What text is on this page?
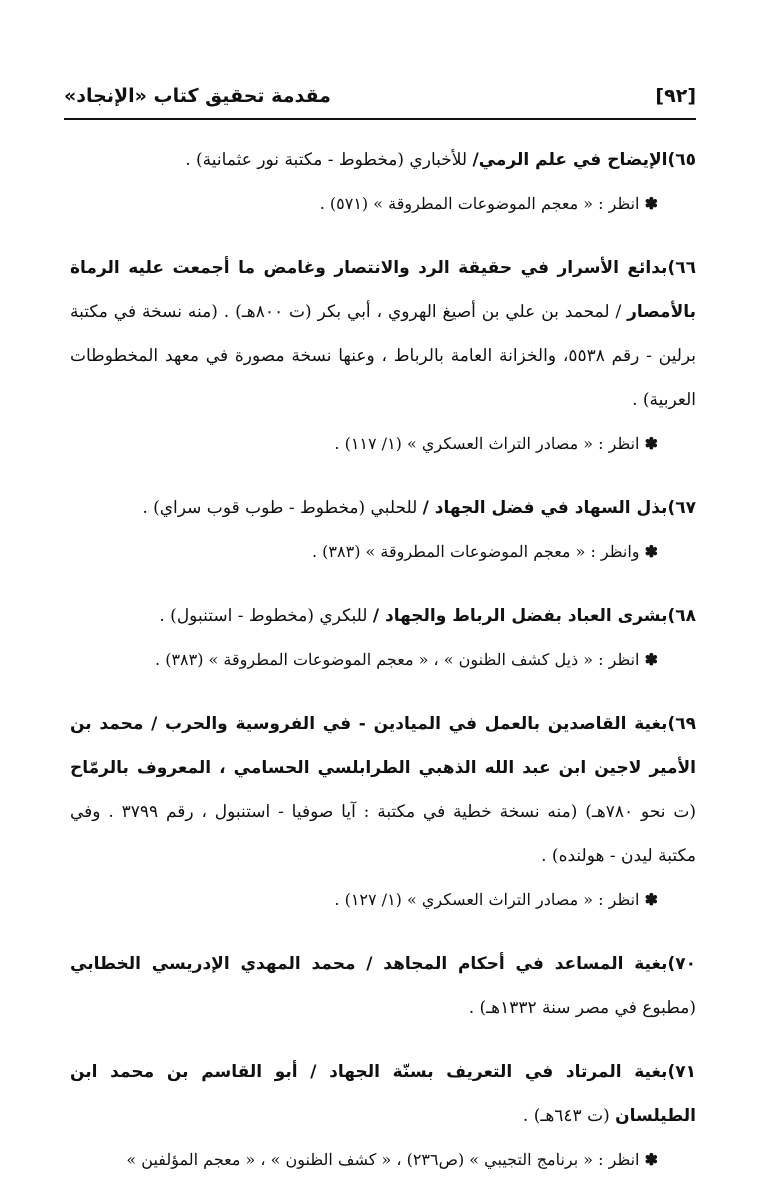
[٩٢]
مقدمة تحقيق كتاب «الإنجاد»

٦٥)الإيضاح في علم الرمي/ للأخباري (مخطوط - مكتبة نور عثمانية) .

✽ انظر : « معجم الموضوعات المطروقة » (٥٧١) .

٦٦)بدائع الأسرار في حقيقة الرد والانتصار وغامض ما أجمعت عليه الرماة بالأمصار / لمحمد بن علي بن أصيغ الهروي ، أبي بكر (ت ٨٠٠هـ) . (منه نسخة في مكتبة برلين - رقم ٥٥٣٨، والخزانة العامة بالرباط ، وعنها نسخة مصورة في معهد المخطوطات العربية) .

✽ انظر : « مصادر التراث العسكري » (١/ ١١٧) .

٦٧)بذل السهاد في فضل الجهاد / للحلبي (مخطوط - طوب قوب سراي) .

✽ وانظر : « معجم الموضوعات المطروقة » (٣٨٣) .

٦٨)بشرى العباد بفضل الرباط والجهاد / للبكري (مخطوط - استنبول) .

✽ انظر : « ذيل كشف الظنون » ، « معجم الموضوعات المطروقة » (٣٨٣) .

٦٩)بغية القاصدين بالعمل في الميادين - في الفروسية والحرب / محمد بن الأمير لاجين ابن عبد الله الذهبي الطرابلسي الحسامي ، المعروف بالرمّاح (ت نحو ٧٨٠هـ) (منه نسخة خطية في مكتبة : آيا صوفيا - استنبول ، رقم ٣٧٩٩ . وفي مكتبة ليدن - هولنده) .

✽ انظر : « مصادر التراث العسكري » (١/ ١٢٧) .

٧٠)بغية المساعد في أحكام المجاهد / محمد المهدي الإدريسي الخطابي (مطبوع في مصر سنة ١٣٣٢هـ) .

٧١)بغية المرتاد في التعريف بسنّة الجهاد / أبو القاسم بن محمد ابن الطيلسان (ت ٦٤٣هـ) .

✽ انظر : « برنامج التجيبي » (ص٢٣٦) ، « كشف الظنون » ، « معجم المؤلفين »
